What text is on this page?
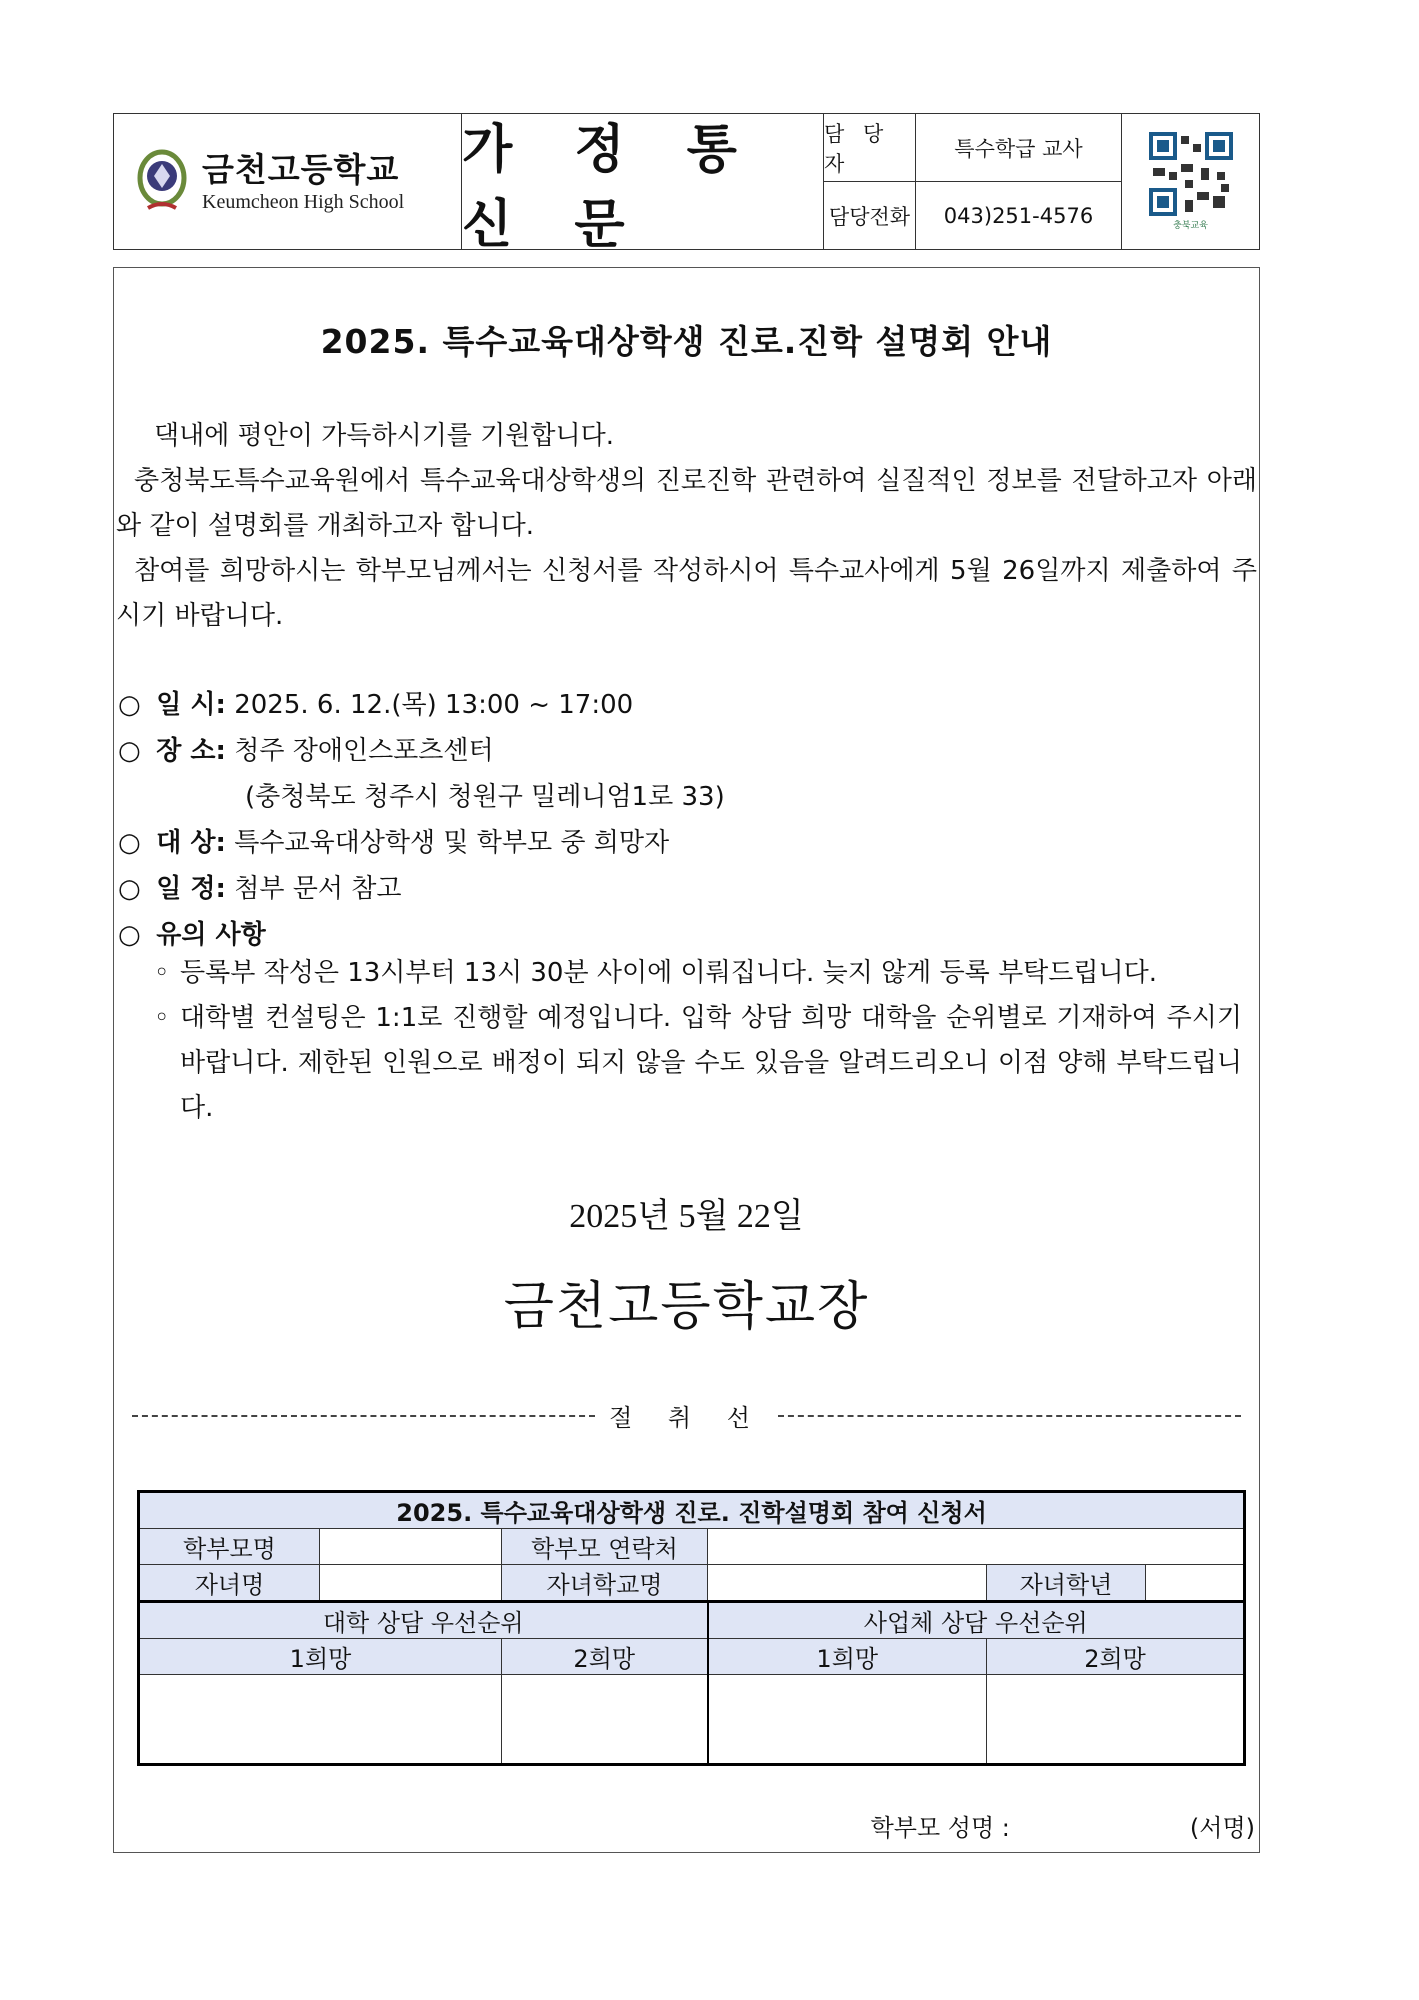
금천고등학교
Keumcheon High School
가 정 통 신 문
담 당 자
특수학급 교사
담당전화	043)251-4576	충북교육
2025. 특수교육대상학생 진로.진학 설명회 안내

댁내에 평안이 가득하시기를 기원합니다.

충청북도특수교육원에서 특수교육대상학생의 진로진학 관련하여 실질적인 정보를 전달하고자 아래와 같이 설명회를 개최하고자 합니다.

참여를 희망하시는 학부모님께서는 신청서를 작성하시어 특수교사에게 5월 26일까지 제출하여 주시기 바랍니다.

○ 일 시: 2025. 6. 12.(목) 13:00 ~ 17:00
○ 장 소: 청주 장애인스포츠센터
(충청북도 청주시 청원구 밀레니엄1로 33)
○ 대 상: 특수교육대상학생 및 학부모 중 희망자
○ 일 정: 첨부 문서 참고
○ 유의 사항
◦ 등록부 작성은 13시부터 13시 30분 사이에 이뤄집니다. 늦지 않게 등록 부탁드립니다.
◦ 대학별 컨설팅은 1:1로 진행할 예정입니다. 입학 상담 희망 대학을 순위별로 기재하여 주시기 바랍니다. 제한된 인원으로 배정이 되지 않을 수도 있음을 알려드리오니 이점 양해 부탁드립니다.
2025년 5월 22일
금천고등학교장
절 취 선
2025. 특수교육대상학생 진로. 진학설명회 참여 신청서				
학부모명		학부모 연락처		
자녀명		자녀학교명		자녀학년

대학 상담 우선순위			사업체 상담 우선순위	
1희망		2희망	1희망	2희망

학부모 성명 :	(서명)
